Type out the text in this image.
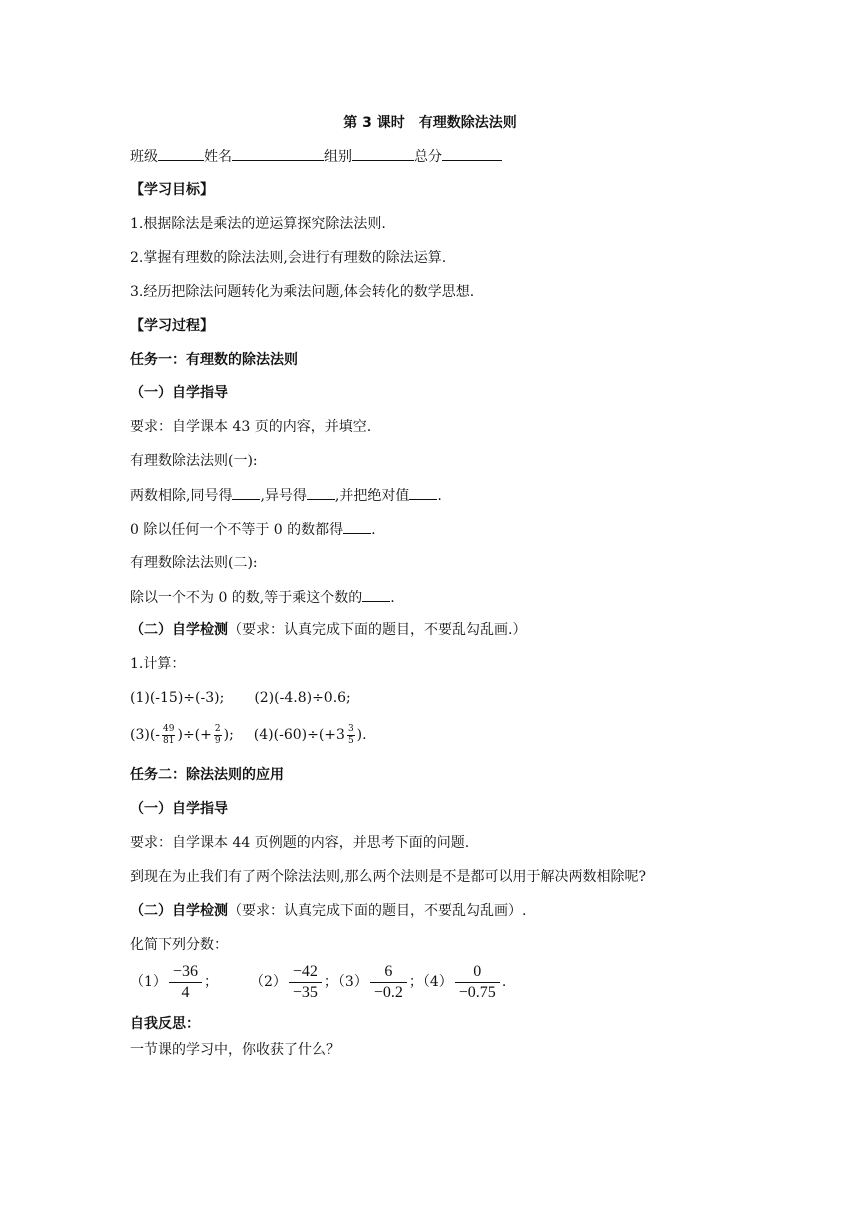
第 3 课时　有理数除法法则
班级	姓名	组别	总分
【学习目标】
1.根据除法是乘法的逆运算探究除法法则.
2.掌握有理数的除法法则,会进行有理数的除法运算.
3.经历把除法问题转化为乘法问题,体会转化的数学思想.
【学习过程】
任务一：有理数的除法法则
（一）自学指导
要求：自学课本 43 页的内容，并填空.
有理数除法法则(一):
两数相除,同号得 ,异号得 ,并把绝对值 .
0 除以任何一个不等于 0 的数都得 .
有理数除法法则(二):
除以一个不为 0 的数,等于乘这个数的 .
（二）自学检测（要求：认真完成下面的题目，不要乱勾乱画.）
1.计算：
(1)(-15)÷(-3); (2)(-4.8)÷0.6;
$(3)(- \frac{49}{81}$ )÷(+ $\frac{2}{9}$ ); $(4)(-60)\div(+3 \frac{3}{5}$ ).
任务二：除法法则的应用
（一）自学指导
要求：自学课本 44 页例题的内容，并思考下面的问题.
到现在为止我们有了两个除法法则,那么两个法则是不是都可以用于解决两数相除呢?
（二）自学检测（要求：认真完成下面的题目，不要乱勾乱画）.
化简下列分数：
$(1) \frac{-36}{4}$ ； $(2) \frac{-42}{-35}$ ；$(3) \frac{6}{-0.2}$ ；$(4) \frac{0}{-0.75}$ .
自我反思：
一节课的学习中，你收获了什么？
